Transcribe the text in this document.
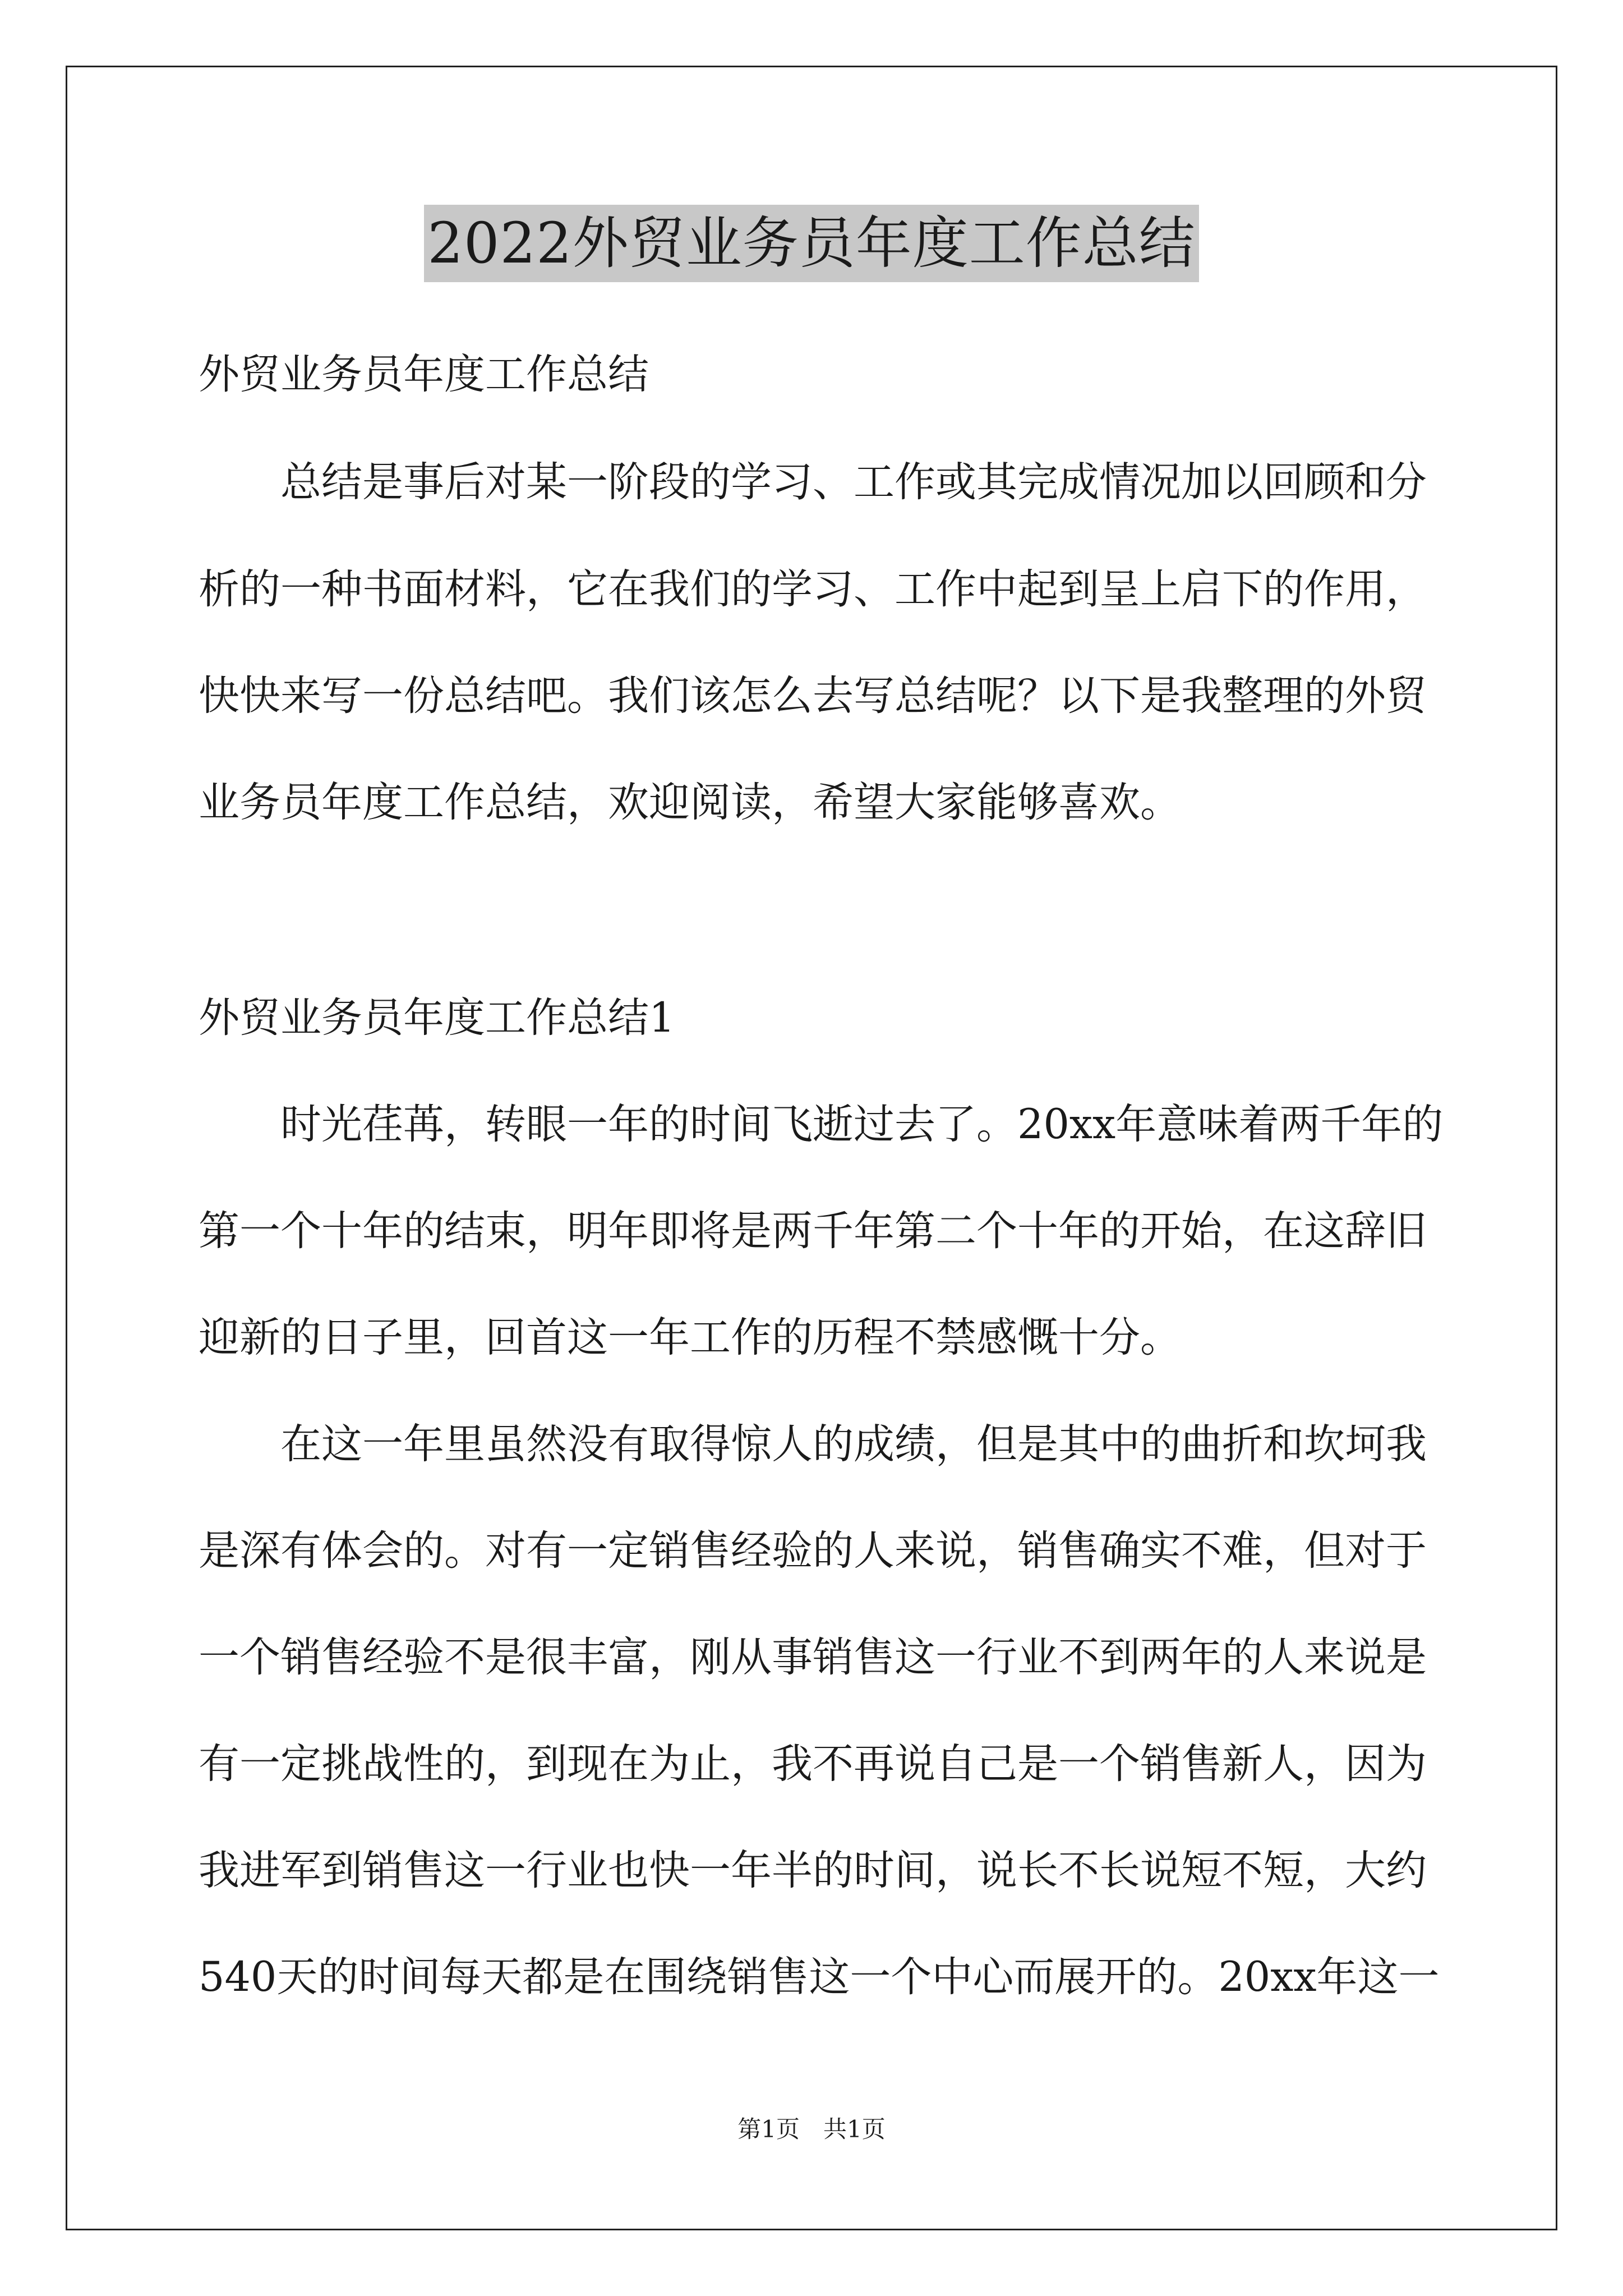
2022外贸业务员年度工作总结

外贸业务员年度工作总结

总结是事后对某一阶段的学习、工作或其完成情况加以回顾和分

析的一种书面材料，它在我们的学习、工作中起到呈上启下的作用，

快快来写一份总结吧。我们该怎么去写总结呢？以下是我整理的外贸

业务员年度工作总结，欢迎阅读，希望大家能够喜欢。

外贸业务员年度工作总结1

时光荏苒，转眼一年的时间飞逝过去了。20xx年意味着两千年的

第一个十年的结束，明年即将是两千年第二个十年的开始，在这辞旧

迎新的日子里，回首这一年工作的历程不禁感慨十分。

在这一年里虽然没有取得惊人的成绩，但是其中的曲折和坎坷我

是深有体会的。对有一定销售经验的人来说，销售确实不难，但对于

一个销售经验不是很丰富，刚从事销售这一行业不到两年的人来说是

有一定挑战性的，到现在为止，我不再说自己是一个销售新人，因为

我进军到销售这一行业也快一年半的时间，说长不长说短不短，大约

540天的时间每天都是在围绕销售这一个中心而展开的。20xx年这一

第1页　共1页
